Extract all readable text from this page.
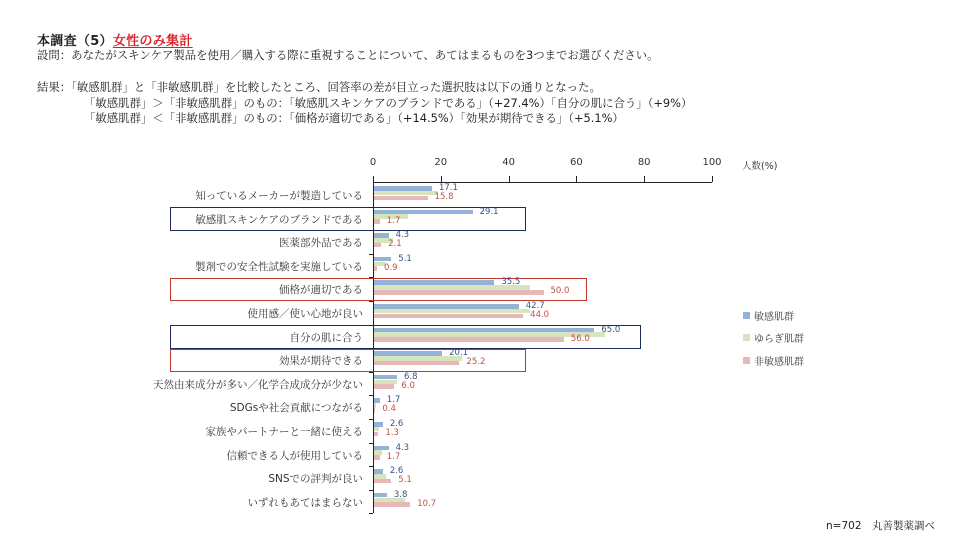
本調査（5）女性のみ集計
設問：あなたがスキンケア製品を使用／購入する際に重視することについて、あてはまるものを3つまでお選びください。
結果：「敏感肌群」と「非敏感肌群」を比較したところ、回答率の差が目立った選択肢は以下の通りとなった。
「敏感肌群」＞「非敏感肌群」のもの：「敏感肌スキンケアのブランドである」（+27.4%）「自分の肌に合う」（+9%）
「敏感肌群」＜「非敏感肌群」のもの：「価格が適切である」（+14.5%）「効果が期待できる」（+5.1%）
人数(%)
0	20	40	60	80	100
知っているメーカーが製造している
17.1
15.8
敏感肌スキンケアのブランドである
29.1
1.7
医薬部外品である
4.3
2.1
製剤での安全性試験を実施している
5.1
0.9
価格が適切である
35.5
50.0
使用感／使い心地が良い
42.7
44.0
自分の肌に合う
65.0
56.0
効果が期待できる
20.1
25.2
天然由来成分が多い／化学合成成分が少ない
6.8
6.0
SDGsや社会貢献につながる
1.7
0.4
家族やパートナーと一緒に使える
2.6
1.3
信頼できる人が使用している
4.3
1.7
SNSでの評判が良い
2.6
5.1
いずれもあてはまらない
3.8
10.7
敏感肌群
ゆらぎ肌群
非敏感肌群
n=702　丸善製薬調べ
